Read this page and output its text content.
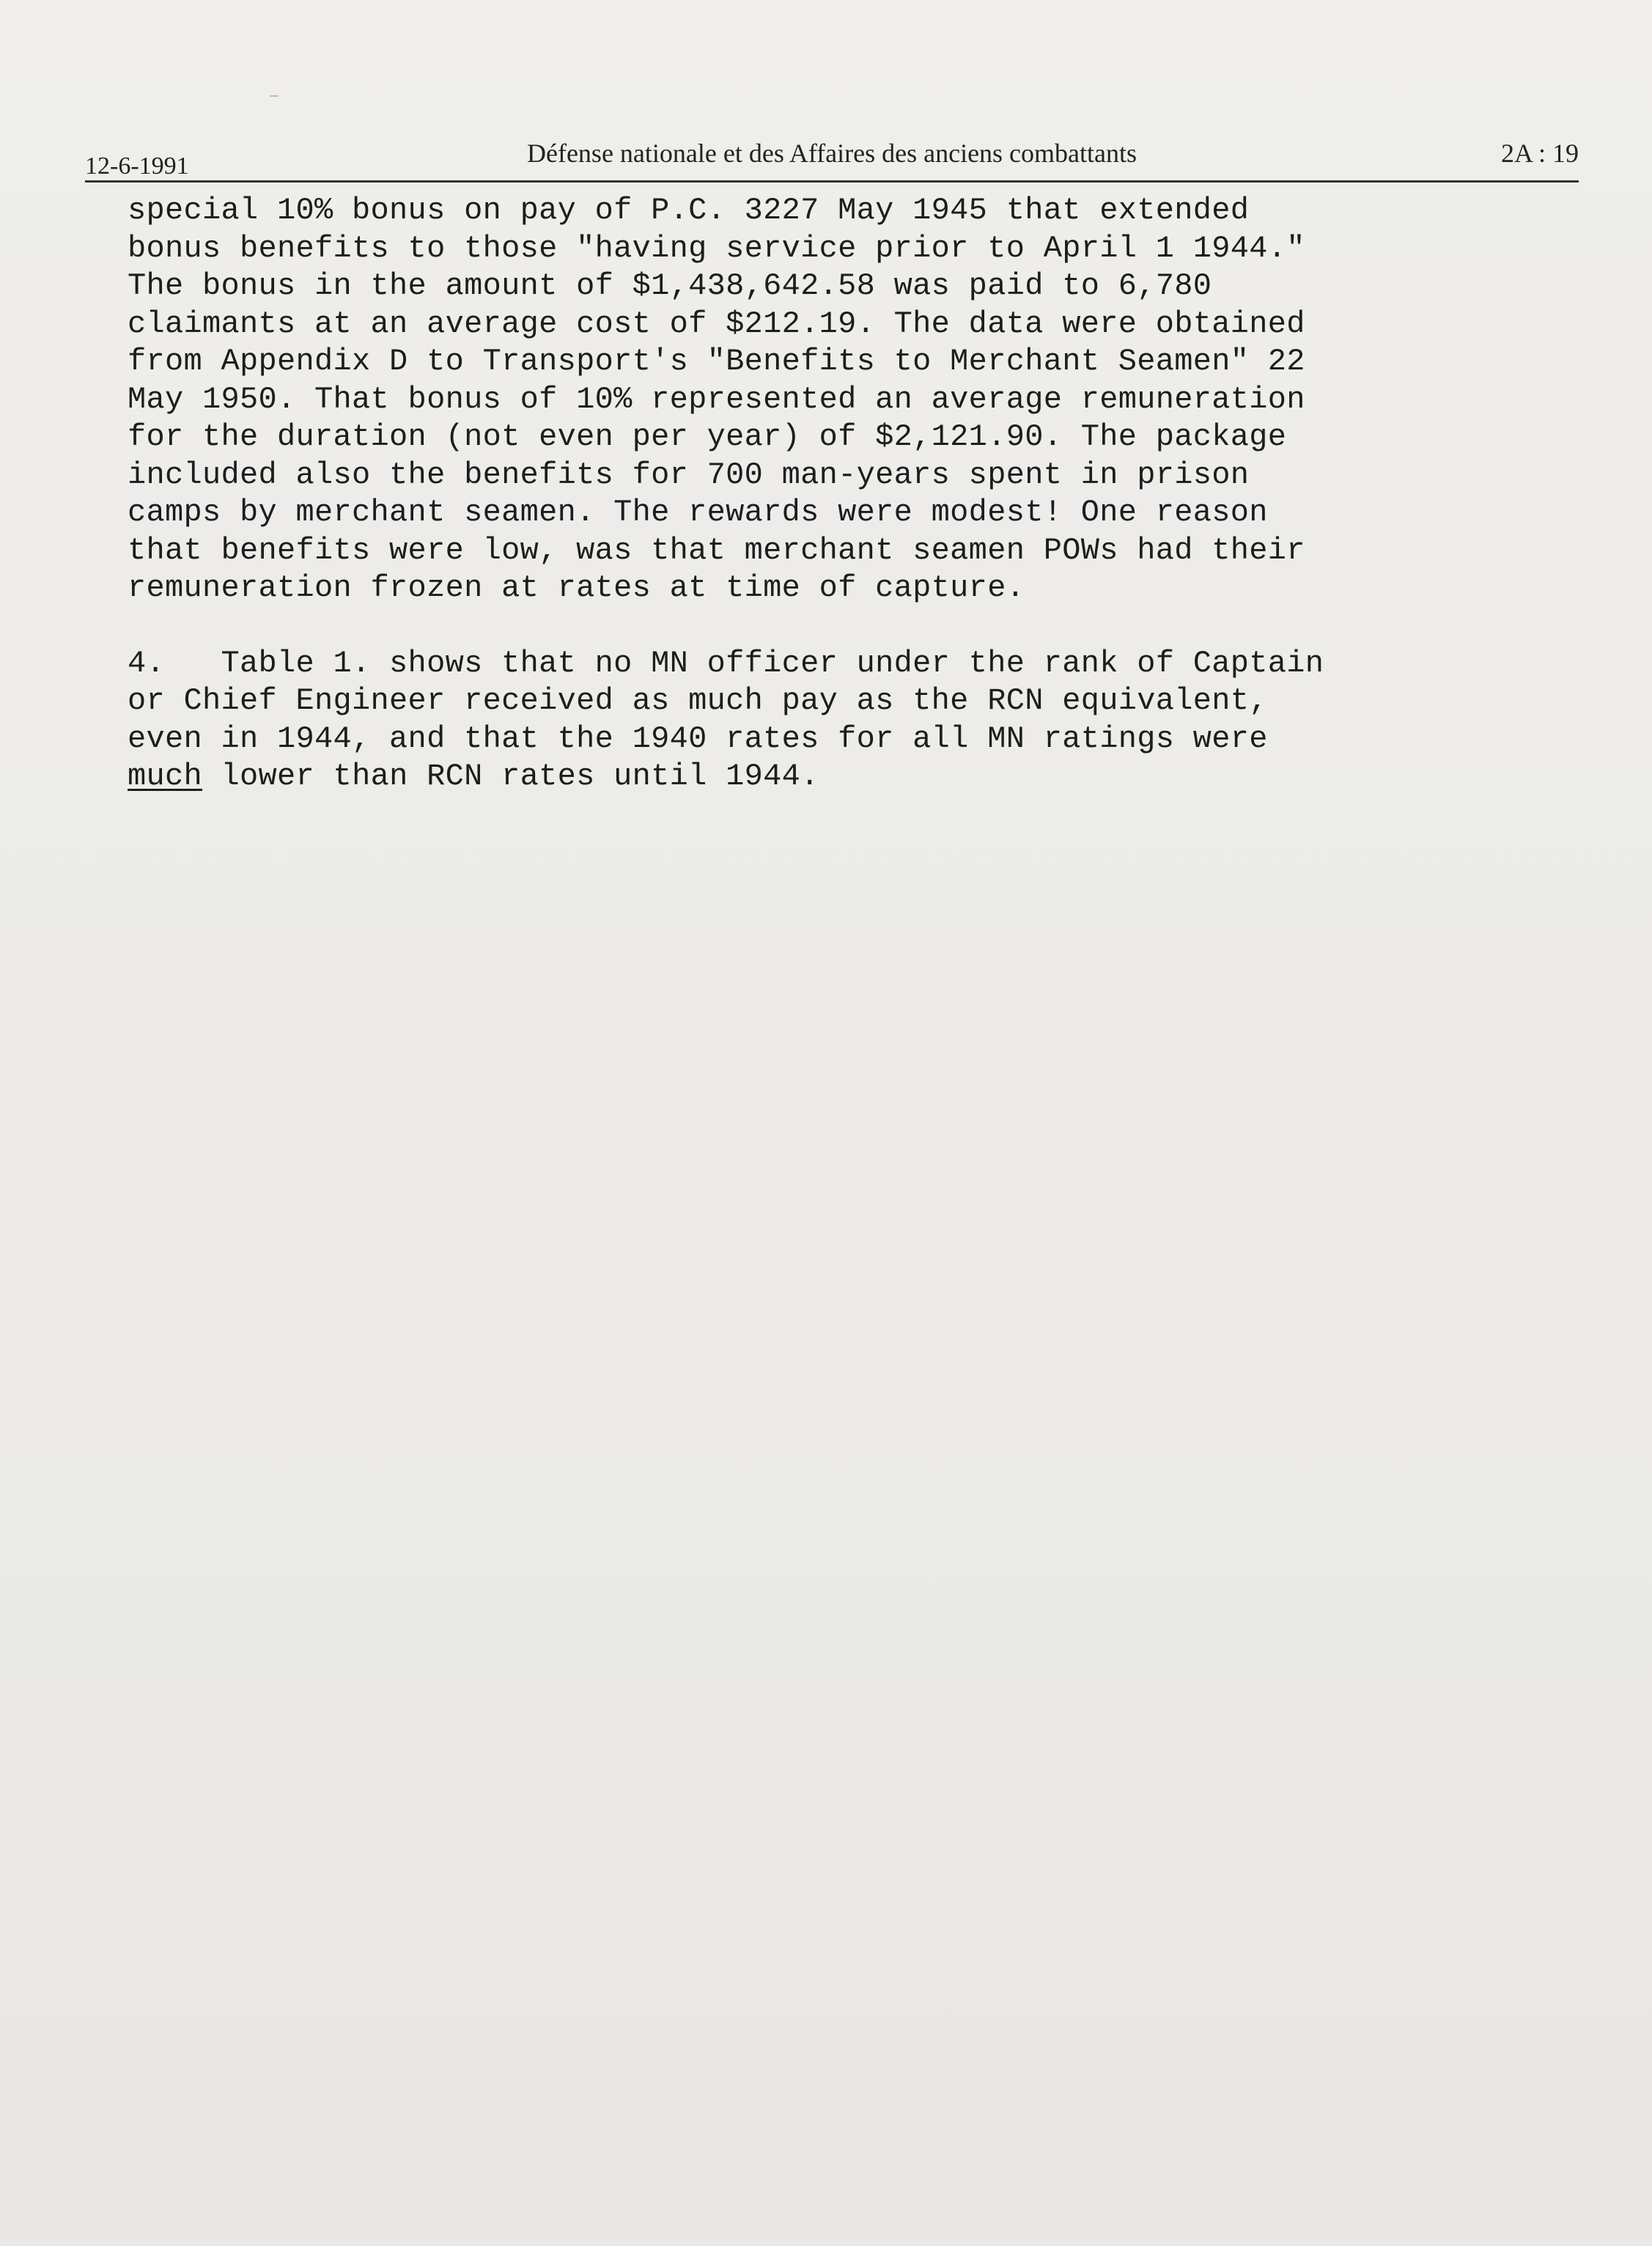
12-6-1991	Défense nationale et des Affaires des anciens combattants	2A : 19
special 10% bonus on pay of P.C. 3227 May 1945 that extended
bonus benefits to those "having service prior to April 1 1944."
The bonus in the amount of $1,438,642.58 was paid to 6,780
claimants at an average cost of $212.19. The data were obtained
from Appendix D to Transport's "Benefits to Merchant Seamen" 22
May 1950. That bonus of 10% represented an average remuneration
for the duration (not even per year) of $2,121.90. The package
included also the benefits for 700 man-years spent in prison
camps by merchant seamen. The rewards were modest! One reason
that benefits were low, was that merchant seamen POWs had their
remuneration frozen at rates at time of capture.
4.   Table 1. shows that no MN officer under the rank of Captain
or Chief Engineer received as much pay as the RCN equivalent,
even in 1944, and that the 1940 rates for all MN ratings were
much lower than RCN rates until 1944.
